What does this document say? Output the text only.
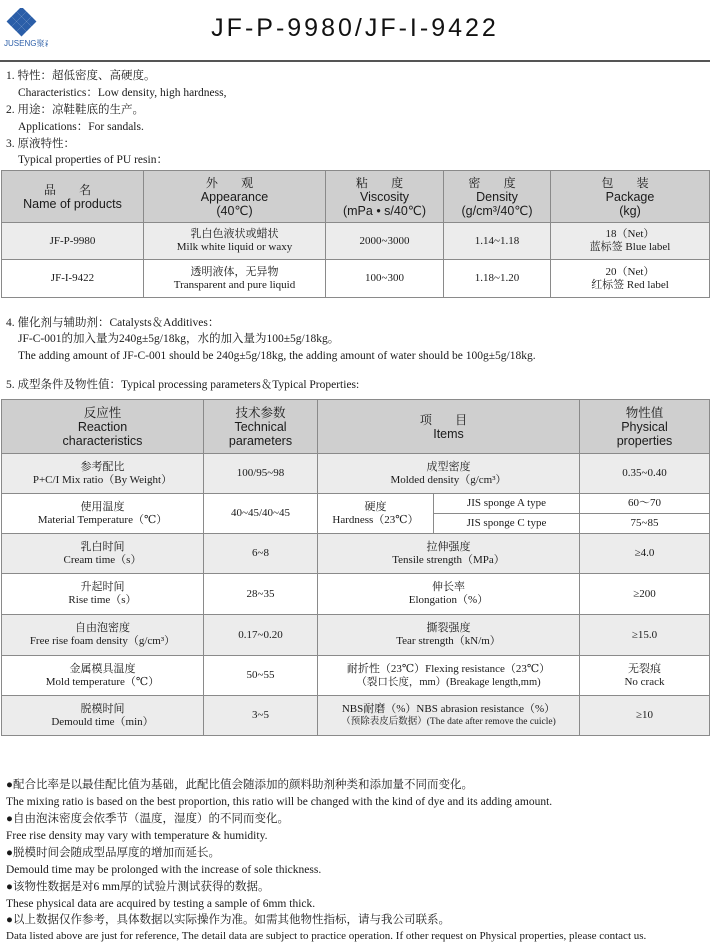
JUSENG聚森
JF-P-9980/JF-I-9422
1. 特性：超低密度、高硬度。
Characteristics：Low density, high hardness,
2. 用途：凉鞋鞋底的生产。
Applications：For sandals.
3. 原液特性：
Typical properties of PU resin：
品 名
Name of products	外 观
Appearance
(40℃)	粘 度
Viscosity
(mPa • s/40℃)	密 度
Density
(g/cm³/40℃)	包 装
Package
(kg)

JF-P-9980	乳白色液状或蜡状
Milk white liquid or waxy	2000~3000	1.14~1.18	18（Net）
蓝标签 Blue label

JF-I-9422	透明液体，无异物
Transparent and pure liquid	100~300	1.18~1.20	20（Net）
红标签 Red label
4. 催化剂与辅助剂：Catalysts＆Additives：
JF-C-001的加入量为240g±5g/18kg，水的加入量为100±5g/18kg。
The adding amount of JF-C-001 should be 240g±5g/18kg, the adding amount of water should be 100g±5g/18kg.
5. 成型条件及物性值：Typical processing parameters＆Typical Properties:
反应性
Reaction
characteristics	技术参数
Technical
parameters	项 目
Items		物性值
Physical
properties

参考配比
P+C/I Mix ratio（By Weight）	100/95~98	成型密度
Molded density（g/cm³）		0.35~0.40

使用温度
Material Temperature（℃）	40~45/40~45	硬度
Hardness（23℃）	JIS sponge A type	60～70
			JIS sponge C type	75~85

乳白时间
Cream time（s）	6~8	拉伸强度
Tensile strength（MPa）		≥4.0

升起时间
Rise time（s）	28~35	伸长率
Elongation（%）		≥200

自由泡密度
Free rise foam density（g/cm³）	0.17~0.20	撕裂强度
Tear strength（kN/m）		≥15.0

金属模具温度
Mold temperature（℃）	50~55	耐折性（23℃）Flexing resistance（23℃）
（裂口长度，mm）(Breakage length,mm)		无裂痕
No crack

脱模时间
Demould time（min）	3~5	NBS耐磨（%）NBS abrasion resistance（%）
（预除表皮后数据）(The date after remove the cuicle)		≥10
●配合比率是以最佳配比值为基础，此配比值会随添加的颜料助剂种类和添加量不同而变化。
The mixing ratio is based on the best proportion, this ratio will be changed with the kind of dye and its adding amount.
●自由泡沫密度会依季节（温度，湿度）的不同而变化。
Free rise density may vary with temperature & humidity.
●脱模时间会随成型品厚度的增加而延长。
Demould time may be prolonged with the increase of sole thickness.
●该物性数据是对6 mm厚的试验片测试获得的数据。
These physical data are acquired by testing a sample of 6mm thick.
●以上数据仅作参考，具体数据以实际操作为准。如需其他物性指标，请与我公司联系。
Data listed above are just for reference, The detail data are subject to practice operation. If other request on Physical properties, please contact us.
